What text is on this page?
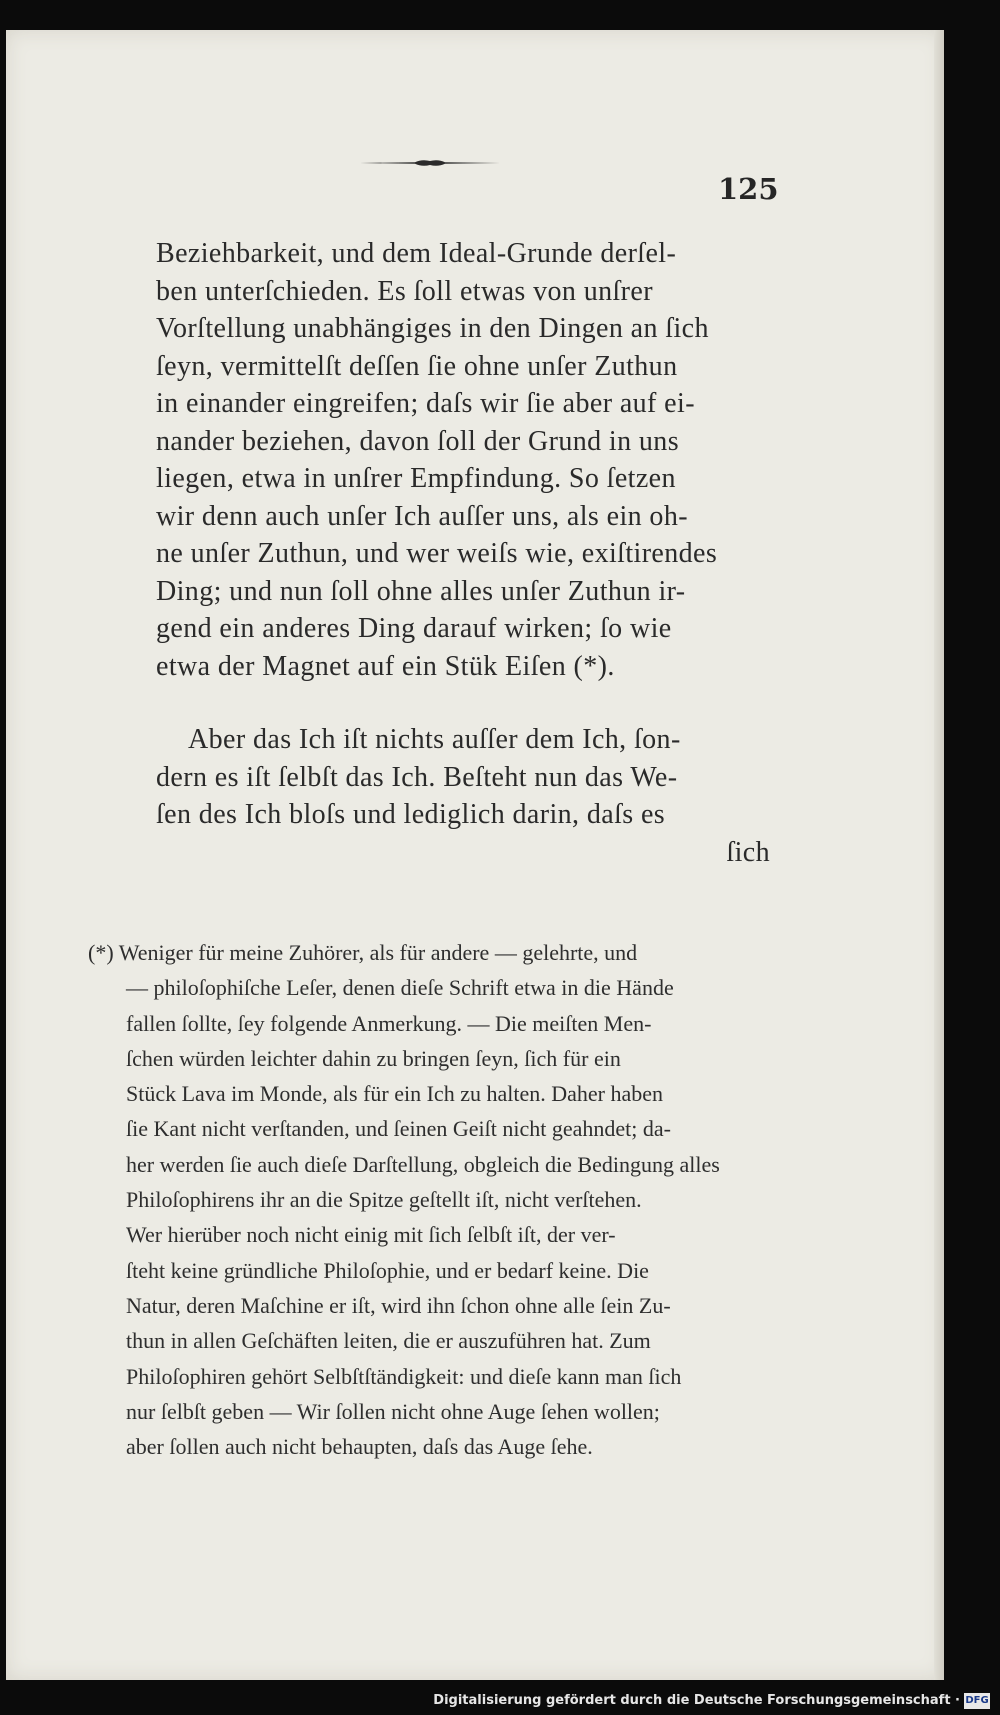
125
Beziehbarkeit, und dem Ideal-Grunde derſel-
ben unterſchieden. Es ſoll etwas von unſrer
Vorſtellung unabhängiges in den Dingen an ſich
ſeyn, vermittelſt deſſen ſie ohne unſer Zuthun
in einander eingreifen; daſs wir ſie aber auf ei-
nander beziehen, davon ſoll der Grund in uns
liegen, etwa in unſrer Empfindung. So ſetzen
wir denn auch unſer Ich auſſer uns, als ein oh-
ne unſer Zuthun, und wer weiſs wie, exiſtirendes
Ding; und nun ſoll ohne alles unſer Zuthun ir-
gend ein anderes Ding darauf wirken; ſo wie
etwa der Magnet auf ein Stük Eiſen (*).
Aber das Ich iſt nichts auſſer dem Ich, ſon-
dern es iſt ſelbſt das Ich. Beſteht nun das We-
ſen des Ich bloſs und lediglich darin, daſs es
ſich
(*) Weniger für meine Zuhörer, als für andere — gelehrte, und
— philoſophiſche Leſer, denen dieſe Schrift etwa in die Hände
fallen ſollte, ſey folgende Anmerkung. — Die meiſten Men-
ſchen würden leichter dahin zu bringen ſeyn, ſich für ein
Stück Lava im Monde, als für ein Ich zu halten. Daher haben
ſie Kant nicht verſtanden, und ſeinen Geiſt nicht geahndet; da-
her werden ſie auch dieſe Darſtellung, obgleich die Bedingung alles
Philoſophirens ihr an die Spitze geſtellt iſt, nicht verſtehen.
Wer hierüber noch nicht einig mit ſich ſelbſt iſt, der ver-
ſteht keine gründliche Philoſophie, und er bedarf keine. Die
Natur, deren Maſchine er iſt, wird ihn ſchon ohne alle ſein Zu-
thun in allen Geſchäften leiten, die er auszuführen hat. Zum
Philoſophiren gehört Selbſtſtändigkeit: und dieſe kann man ſich
nur ſelbſt geben — Wir ſollen nicht ohne Auge ſehen wollen;
aber ſollen auch nicht behaupten, daſs das Auge ſehe.
Digitalisierung gefördert durch die Deutsche Forschungsgemeinschaft · DFG
